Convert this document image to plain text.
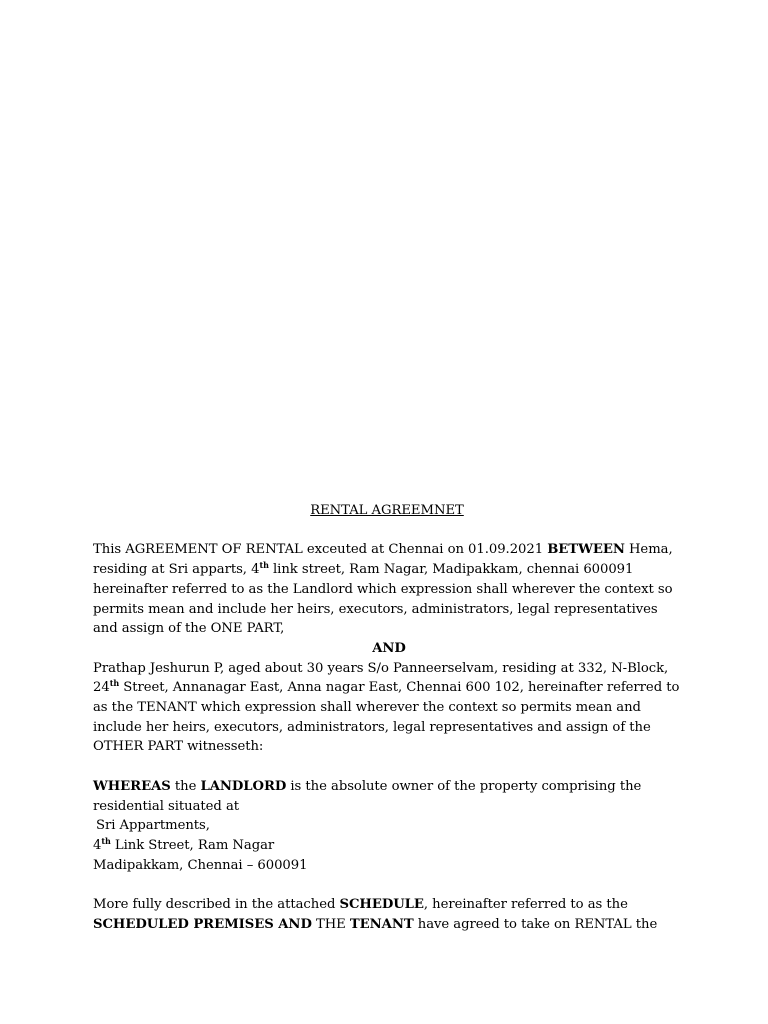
RENTAL AGREEMNET
This AGREEMENT OF RENTAL exceuted at Chennai on 01.09.2021 BETWEEN Hema,
residing at Sri apparts, 4th link street, Ram Nagar, Madipakkam, chennai 600091
hereinafter referred to as the Landlord which expression shall wherever the context so
permits mean and include her heirs, executors, administrators, legal representatives
and assign of the ONE PART,
AND
Prathap Jeshurun P, aged about 30 years S/o Panneerselvam, residing at 332, N-Block,
24th Street, Annanagar East, Anna nagar East, Chennai 600 102, hereinafter referred to
as the TENANT which expression shall wherever the context so permits mean and
include her heirs, executors, administrators, legal representatives and assign of the
OTHER PART witnesseth:
WHEREAS the LANDLORD is the absolute owner of the property comprising the
residential situated at
Sri Appartments,
4th Link Street, Ram Nagar
Madipakkam, Chennai – 600091
More fully described in the attached SCHEDULE, hereinafter referred to as the
SCHEDULED PREMISES AND THE TENANT have agreed to take on RENTAL the
